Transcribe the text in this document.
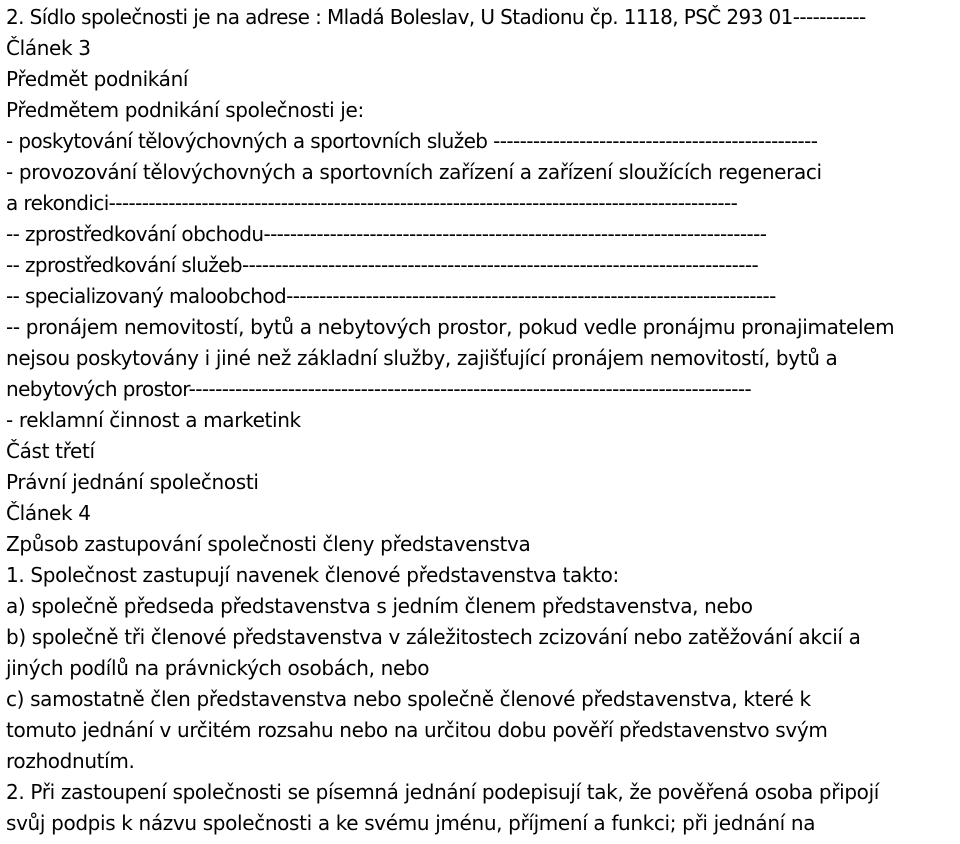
2. Sídlo společnosti je na adrese : Mladá Boleslav, U Stadionu čp. 1118, PSČ 293 01-----------
Článek 3
Předmět podnikání
Předmětem podnikání společnosti je:
- poskytování tělovýchovných a sportovních služeb -------------------------------------------------
- provozování tělovýchovných a sportovních zařízení a zařízení sloužících regeneraci
a rekondici-----------------------------------------------------------------------------------------------
-- zprostředkování obchodu----------------------------------------------------------------------------
-- zprostředkování služeb------------------------------------------------------------------------------
-- specializovaný maloobchod--------------------------------------------------------------------------
-- pronájem nemovitostí, bytů a nebytových prostor, pokud vedle pronájmu pronajimatelem
nejsou poskytovány i jiné než základní služby, zajišťující pronájem nemovitostí, bytů a
nebytových prostor-------------------------------------------------------------------------------------
- reklamní činnost a marketink
Část třetí
Právní jednání společnosti
Článek 4
Způsob zastupování společnosti členy představenstva
1. Společnost zastupují navenek členové představenstva takto:
a) společně předseda představenstva s jedním členem představenstva, nebo
b) společně tři členové představenstva v záležitostech zcizování nebo zatěžování akcií a
jiných podílů na právnických osobách, nebo
c) samostatně člen představenstva nebo společně členové představenstva, které k
tomuto jednání v určitém rozsahu nebo na určitou dobu pověří představenstvo svým
rozhodnutím.
2. Při zastoupení společnosti se písemná jednání podepisují tak, že pověřená osoba připojí
svůj podpis k názvu společnosti a ke svému jménu, příjmení a funkci; při jednání na
